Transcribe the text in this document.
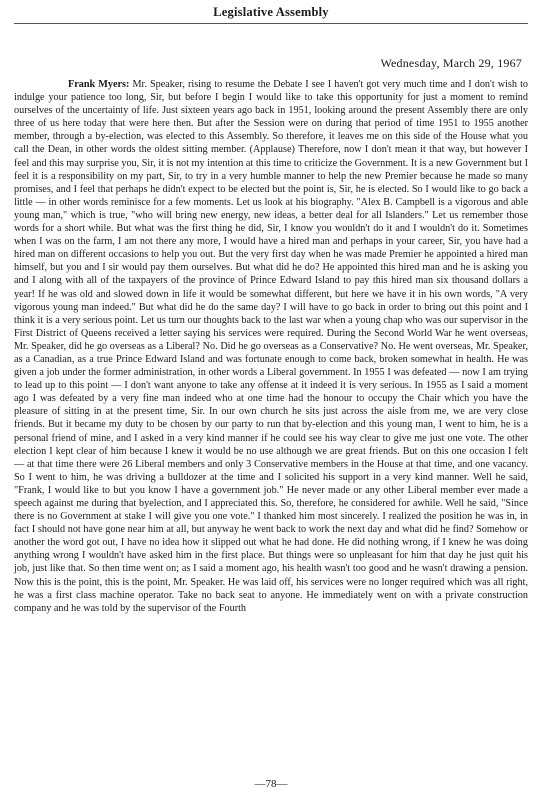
Legislative Assembly
Wednesday, March 29, 1967
Frank Myers: Mr. Speaker, rising to resume the Debate I see I haven't got very much time and I don't wish to indulge your patience too long, Sir, but before I begin I would like to take this opportunity for just a moment to remind ourselves of the uncertainty of life. Just sixteen years ago back in 1951, looking around the present Assembly there are only three of us here today that were here then. But after the Session were on during that period of time 1951 to 1955 another member, through a by-election, was elected to this Assembly. So therefore, it leaves me on this side of the House what you call the Dean, in other words the oldest sitting member. (Applause) Therefore, now I don't mean it that way, but however I feel and this may surprise you, Sir, it is not my intention at this time to criticize the Government. It is a new Government but I feel it is a responsibility on my part, Sir, to try in a very humble manner to help the new Premier because he made so many promises, and I feel that perhaps he didn't expect to be elected but the point is, Sir, he is elected. So I would like to go back a little — in other words reminisce for a few moments. Let us look at his biography. "Alex B. Campbell is a vigorous and able young man," which is true, "who will bring new energy, new ideas, a better deal for all Islanders." Let us remember those words for a short while. But what was the first thing he did, Sir, I know you wouldn't do it and I wouldn't do it. Sometimes when I was on the farm, I am not there any more, I would have a hired man and perhaps in your career, Sir, you have had a hired man on different occasions to help you out. But the very first day when he was made Premier he appointed a hired man himself, but you and I sir would pay them ourselves. But what did he do? He appointed this hired man and he is asking you and I along with all of the taxpayers of the province of Prince Edward Island to pay this hired man six thousand dollars a year! If he was old and slowed down in life it would be somewhat different, but here we have it in his own words, "A very vigorous young man indeed." But what did he do the same day? I will have to go back in order to bring out this point and I think it is a very serious point. Let us turn our thoughts back to the last war when a young chap who was our supervisor in the First District of Queens received a letter saying his services were required. During the Second World War he went overseas, Mr. Speaker, did he go overseas as a Liberal? No. Did he go overseas as a Conservative? No. He went overseas, Mr. Speaker, as a Canadian, as a true Prince Edward Island and was fortunate enough to come back, broken somewhat in health. He was given a job under the former administration, in other words a Liberal government. In 1955 I was defeated — now I am trying to lead up to this point — I don't want anyone to take any offense at it indeed it is very serious. In 1955 as I said a moment ago I was defeated by a very fine man indeed who at one time had the honour to occupy the Chair which you have the pleasure of sitting in at the present time, Sir. In our own church he sits just across the aisle from me, we are very close friends. But it became my duty to be chosen by our party to run that by-election and this young man, I went to him, he is a personal friend of mine, and I asked in a very kind manner if he could see his way clear to give me just one vote. The other election I kept clear of him because I knew it would be no use although we are great friends. But on this one occasion I felt — at that time there were 26 Liberal members and only 3 Conservative members in the House at that time, and one vacancy. So I went to him, he was driving a bulldozer at the time and I solicited his support in a very kind manner. Well he said, "Frank, I would like to but you know I have a government job." He never made or any other Liberal member ever made a speech against me during that byelection, and I appreciated this. So, therefore, he considered for awhile. Well he said, "Since there is no Government at stake I will give you one vote." I thanked him most sincerely. I realized the position he was in, in fact I should not have gone near him at all, but anyway he went back to work the next day and what did he find? Somehow or another the word got out, I have no idea how it slipped out what he had done. He did nothing wrong, if I knew he was doing anything wrong I wouldn't have asked him in the first place. But things were so unpleasant for him that day he just quit his job, just like that. So then time went on; as I said a moment ago, his health wasn't too good and he wasn't drawing a pension. Now this is the point, this is the point, Mr. Speaker. He was laid off, his services were no longer required which was all right, he was a first class machine operator. Take no back seat to anyone. He immediately went on with a private construction company and he was told by the supervisor of the Fourth
—78—
